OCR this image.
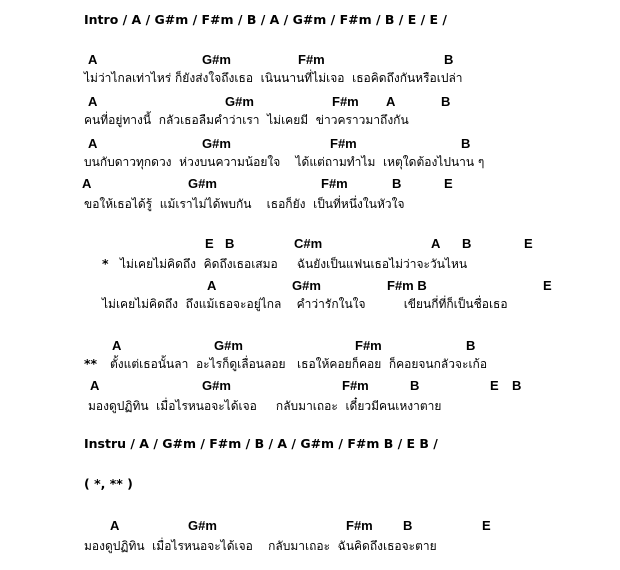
Intro / A / G#m / F#m / B / A / G#m / F#m / B / E / E /
A	G#m	F#m	B
ไม่ว่าไกลเท่าไหร่ ก็ยังส่งใจถึงเธอ  เนินนานที่ไม่เจอ  เธอคิดถึงกันหรือเปล่า
A	G#m	F#m A	B
คนที่อยู่ทางนี้  กลัวเธอลืมคำว่าเรา  ไม่เคยมี  ข่าวคราวมาถึงกัน
A	G#m	F#m	B
บนกับดาวทุกดวง  ห่วงบนความน้อยใจ    ได้แต่ถามทำไม  เหตุใดต้องไปนาน ๆ
A	G#m	F#m	B	E
ขอให้เธอได้รู้  แม้เราไม่ได้พบกัน    เธอก็ยัง  เป็นที่หนึ่งในหัวใจ
E B	C#m	A B	E
* ไม่เคยไม่คิดถึง  คิดถึงเธอเสมอ     ฉันยังเป็นแฟนเธอไม่ว่าจะวันไหน
A	G#m	F#m B	E
ไม่เคยไม่คิดถึง  ถึงแม้เธอจะอยู่ไกล    คำว่ารักในใจ          เขียนกี่ที่ก็เป็นชื่อเธอ
A	G#m	F#m	B
** ตั้งแต่เธอนั้นลา  อะไรก็ดูเลื่อนลอย   เธอให้คอยก็คอย  ก็คอยจนกลัวจะเก้อ
A	G#m	F#m	B	E B
มองดูปฏิทิน  เมื่อไรหนอจะได้เจอ     กลับมาเถอะ  เดี๋ยวมีคนเหงาตาย
Instru / A / G#m / F#m / B / A / G#m / F#m B / E B /
( *, ** )
A	G#m	F#m B	E
มองดูปฏิทิน  เมื่อไรหนอจะได้เจอ    กลับมาเถอะ  ฉันคิดถึงเธอจะตาย
